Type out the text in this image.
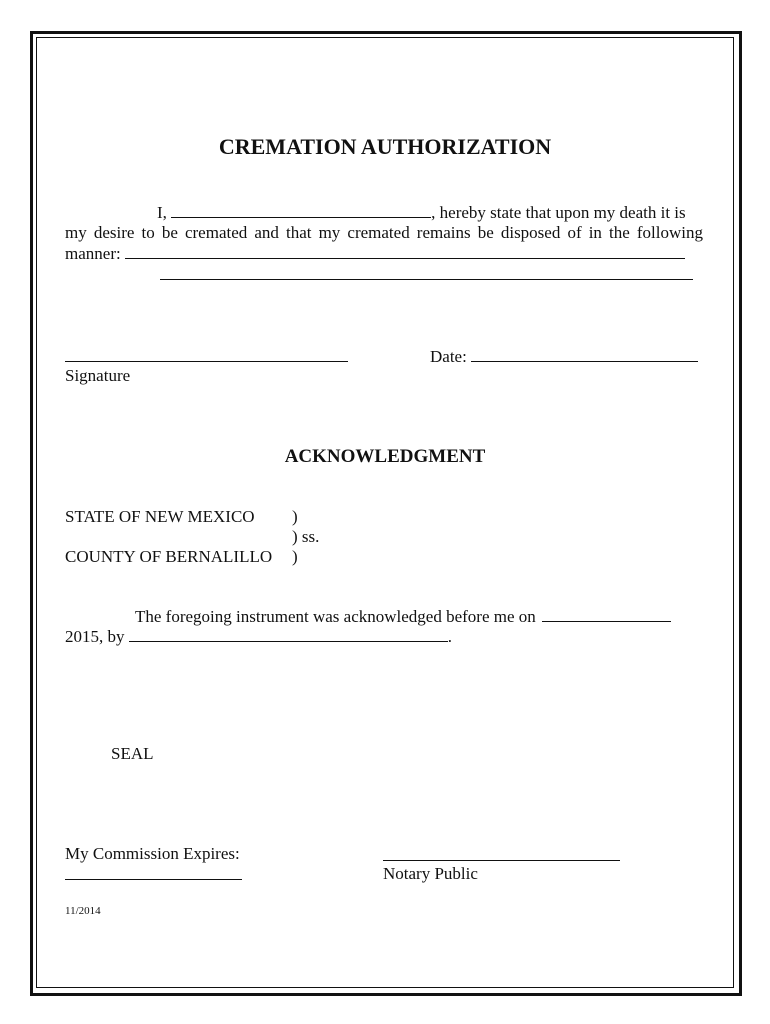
CREMATION AUTHORIZATION
I,	, hereby state that upon my death it is
my desire to be cremated and that my cremated remains be disposed of in the following
manner:
Date:
Signature
ACKNOWLEDGMENT
STATE OF NEW MEXICO )
) ss.
COUNTY OF BERNALILLO )
The foregoing instrument was acknowledged before me on
2015, by	.
SEAL
My Commission Expires:
Notary Public
11/2014
